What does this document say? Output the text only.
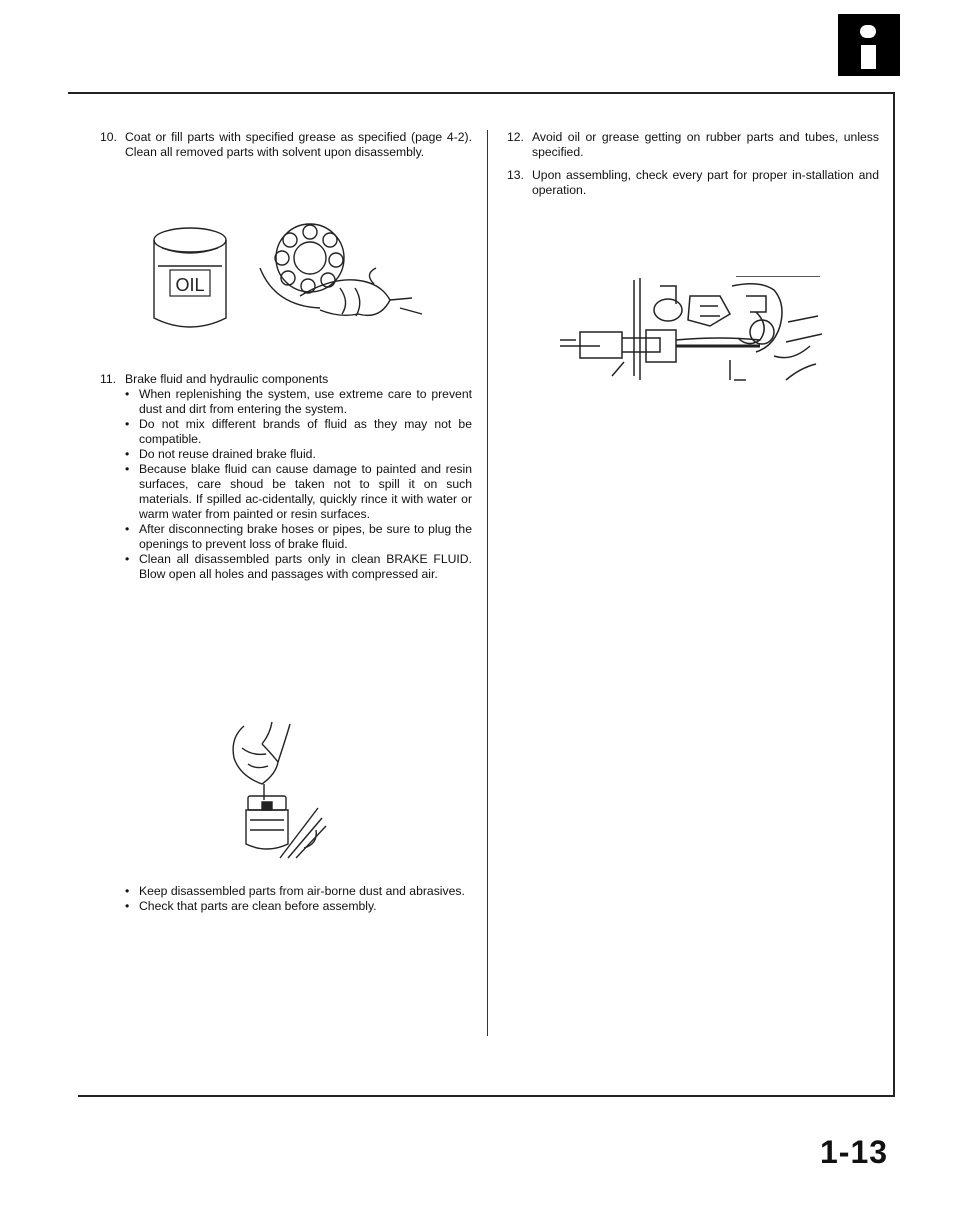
1-13
10. Coat or fill parts with specified grease as specified (page 4-2). Clean all removed parts with solvent upon disassembly.

OIL
11. Brake fluid and hydraulic components

• When replenishing the system, use extreme care to prevent dust and dirt from entering the system.
• Do not mix different brands of fluid as they may not be compatible.
• Do not reuse drained brake fluid.
• Because blake fluid can cause damage to painted and resin surfaces, care shoud be taken not to spill it on such materials. If spilled ac-cidentally, quickly rince it with water or warm water from painted or resin surfaces.
• After disconnecting brake hoses or pipes, be sure to plug the openings to prevent loss of brake fluid.
• Clean all disassembled parts only in clean BRAKE FLUID. Blow open all holes and passages with compressed air.
• Keep disassembled parts from air-borne dust and abrasives.
• Check that parts are clean before assembly.
12. Avoid oil or grease getting on rubber parts and tubes, unless specified.

13. Upon assembling, check every part for proper in-stallation and operation.
